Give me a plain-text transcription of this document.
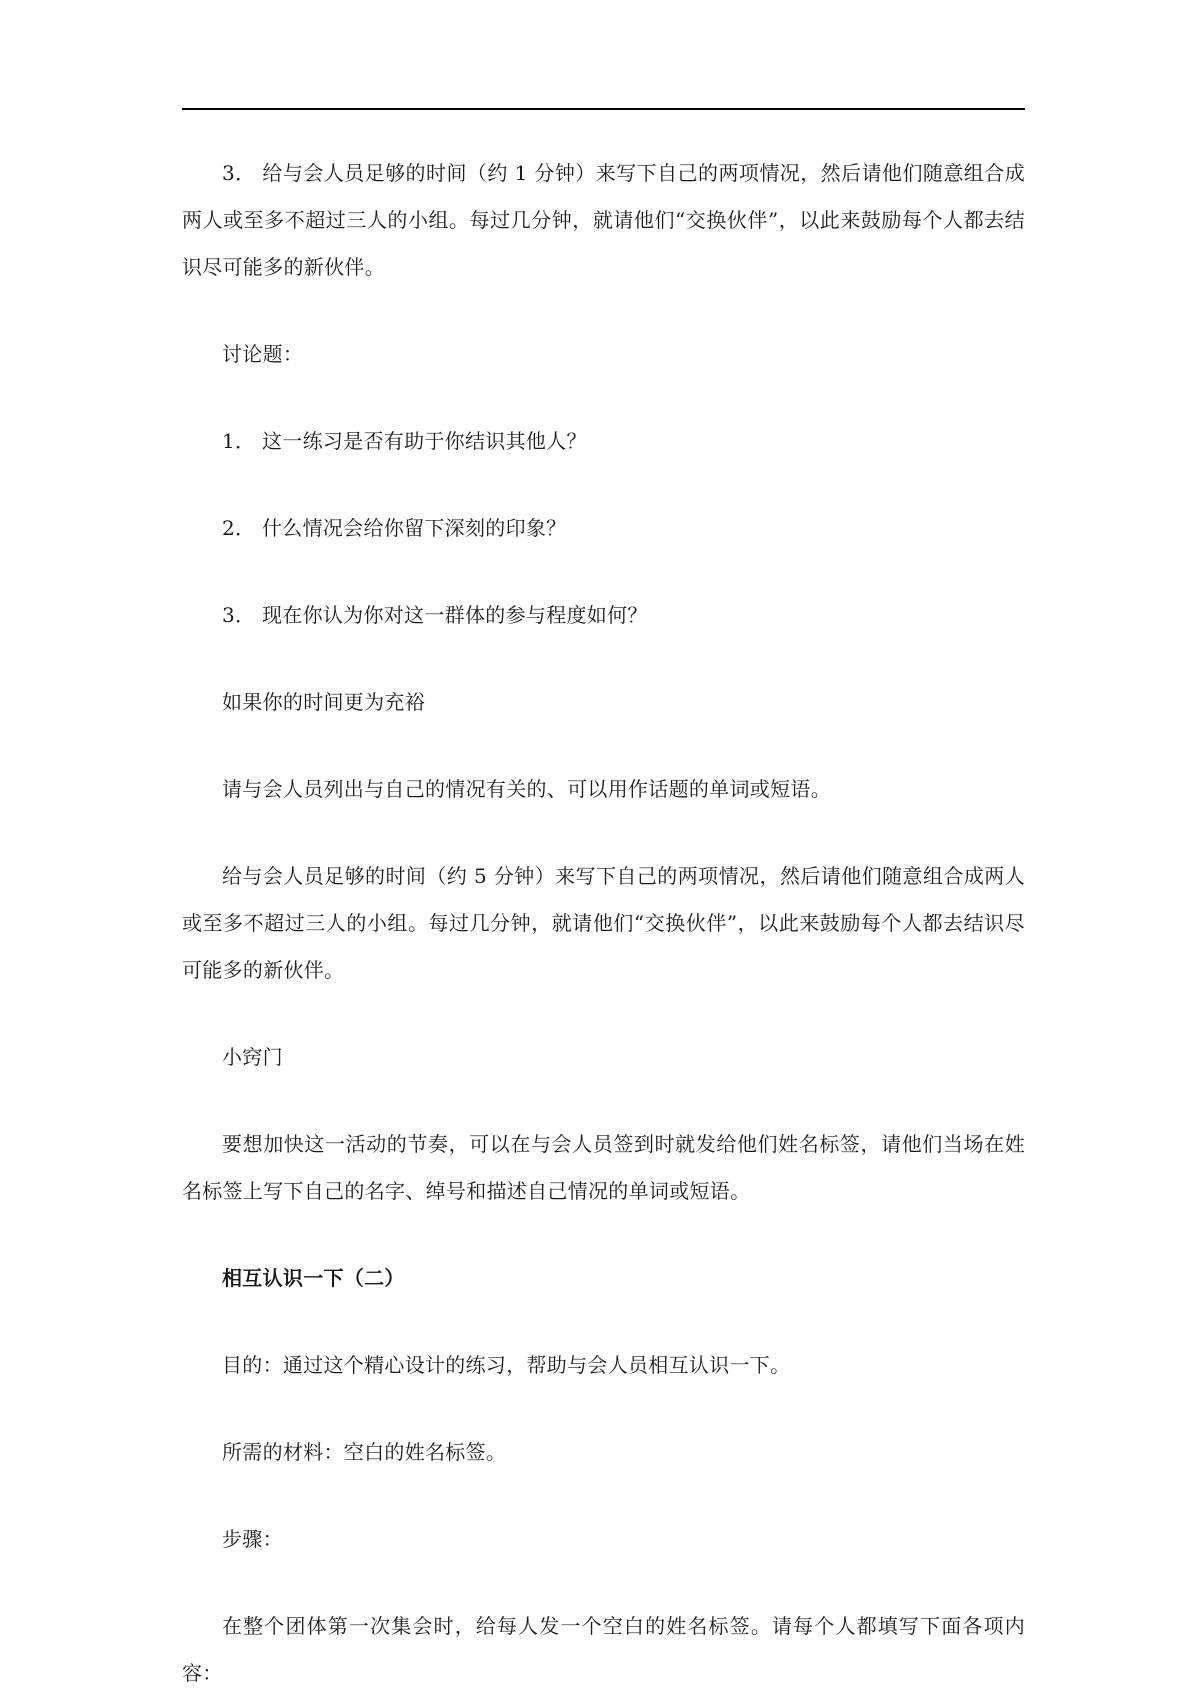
3． 给与会人员足够的时间（约 1 分钟）来写下自己的两项情况，然后请他们随意组合成两人或至多不超过三人的小组。每过几分钟，就请他们“交换伙伴”，以此来鼓励每个人都去结识尽可能多的新伙伴。

讨论题：

1． 这一练习是否有助于你结识其他人？

2． 什么情况会给你留下深刻的印象？

3． 现在你认为你对这一群体的参与程度如何？

如果你的时间更为充裕

请与会人员列出与自己的情况有关的、可以用作话题的单词或短语。

给与会人员足够的时间（约 5 分钟）来写下自己的两项情况，然后请他们随意组合成两人或至多不超过三人的小组。每过几分钟，就请他们“交换伙伴”，以此来鼓励每个人都去结识尽可能多的新伙伴。

小窍门

要想加快这一活动的节奏，可以在与会人员签到时就发给他们姓名标签，请他们当场在姓名标签上写下自己的名字、绰号和描述自己情况的单词或短语。

相互认识一下（二）

目的：通过这个精心设计的练习，帮助与会人员相互认识一下。

所需的材料：空白的姓名标签。

步骤：

在整个团体第一次集会时，给每人发一个空白的姓名标签。请每个人都填写下面各项内容：
